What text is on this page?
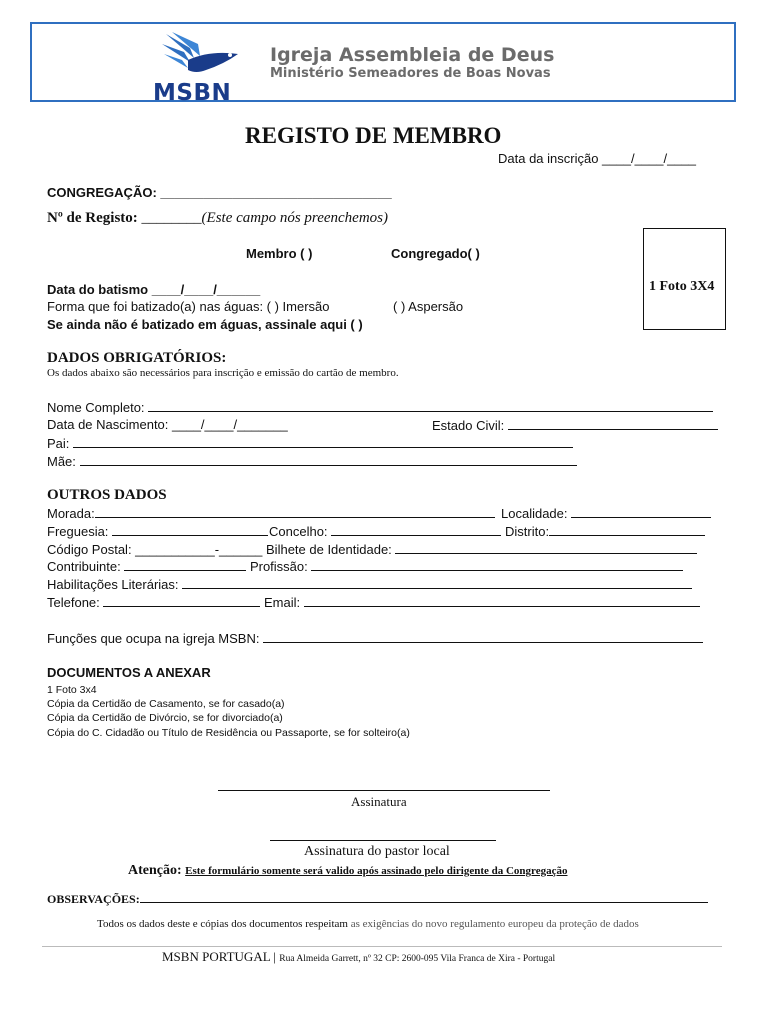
MSBN
Igreja Assembleia de Deus
Ministério Semeadores de Boas Novas
REGISTO DE MEMBRO
Data da inscrição ____/____/____
CONGREGAÇÃO: ________________________________
Nº de Registo: ________(Este campo nós preenchemos)
Membro ( )	Congregado( )
1 Foto 3X4
Data do batismo ____/____/______
Forma que foi batizado(a) nas águas: ( ) Imersão	( ) Aspersão
Se ainda não é batizado em águas, assinale aqui ( )
DADOS OBRIGATÓRIOS:
Os dados abaixo são necessários para inscrição e emissão do cartão de membro.
Nome Completo:
Data de Nascimento: ____/____/_______	Estado Civil:
Pai:
Mãe:
OUTROS DADOS
Morada:	Localidade:
Freguesia:	Concelho:	Distrito:
Código Postal: ___________-______ Bilhete de Identidade:
Contribuinte:	Profissão:
Habilitações Literárias:
Telefone:	Email:
Funções que ocupa na igreja MSBN:
DOCUMENTOS A ANEXAR
1 Foto 3x4
Cópia da Certidão de Casamento, se for casado(a)
Cópia da Certidão de Divórcio, se for divorciado(a)
Cópia do C. Cidadão ou Título de Residência ou Passaporte, se for solteiro(a)
Assinatura
Assinatura do pastor local
Atenção: Este formulário somente será valido após assinado pelo dirigente da Congregação
OBSERVAÇÕES:
Todos os dados deste e cópias dos documentos respeitam as exigências do novo regulamento europeu da proteção de dados
MSBN PORTUGAL | Rua Almeida Garrett, nº 32 CP: 2600-095 Vila Franca de Xira - Portugal
